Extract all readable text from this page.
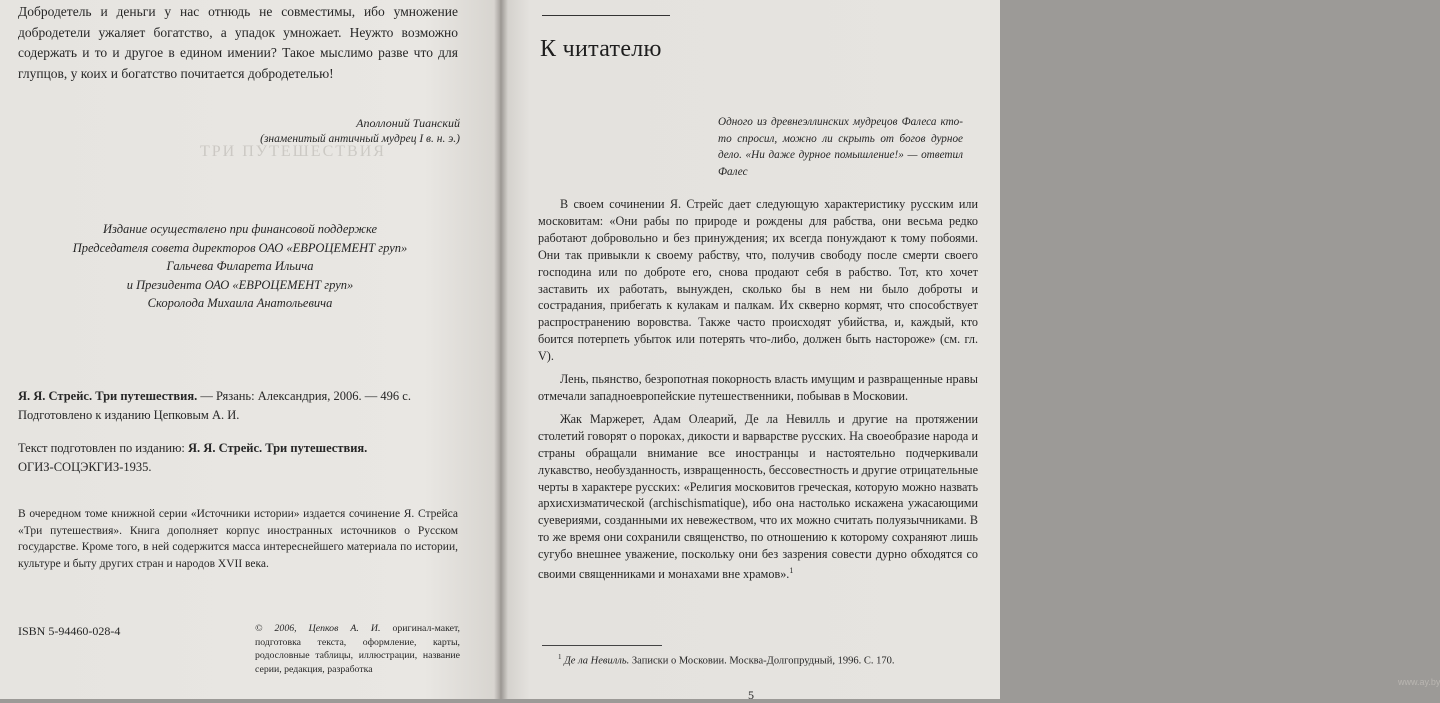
ТРИ ПУТЕШЕСТВИЯ
Добродетель и деньги у нас отнюдь не совместимы, ибо умножение добродетели ужаляет богатство, а упадок умножает. Неужто возможно содержать и то и другое в едином имении? Такое мыслимо разве что для глупцов, у коих и богатство почитается добродетелью!
Аполлоний Тианский
(знаменитый античный мудрец I в. н. э.)
Издание осуществлено при финансовой поддержке
Председателя совета директоров ОАО «ЕВРОЦЕМЕНТ груп»
Гальчева Филарета Ильича
и Президента ОАО «ЕВРОЦЕМЕНТ груп»
Скоролода Михаила Анатольевича
Я. Я. Стрейс. Три путешествия. — Рязань: Александрия, 2006. — 496 с.
Подготовлено к изданию Цепковым А. И.
Текст подготовлен по изданию: Я. Я. Стрейс. Три путешествия.
ОГИЗ-СОЦЭКГИЗ-1935.
В очередном томе книжной серии «Источники истории» издается сочинение Я. Стрейса «Три путешествия». Книга дополняет корпус иностранных источников о Русском государстве. Кроме того, в ней содержится масса интереснейшего материала по истории, культуре и быту других стран и народов XVII века.
ISBN 5-94460-028-4	© 2006, Цепков А. И. оригинал-макет, подготовка текста, оформление, карты, родословные таблицы, иллюстрации, название серии, редакция, разработка
К читателю
Одного из древнеэллинских мудрецов Фалеса кто-то спросил, можно ли скрыть от богов дурное дело. «Ни даже дурное помышление!» — ответил Фалес

В своем сочинении Я. Стрейс дает следующую характеристику русским или московитам: «Они рабы по природе и рождены для рабства, они весьма редко работают добровольно и без принуждения; их всегда понуждают к тому побоями. Они так привыкли к своему рабству, что, получив свободу после смерти своего господина или по доброте его, снова продают себя в рабство. Тот, кто хочет заставить их работать, вынужден, сколько бы в нем ни было доброты и сострадания, прибегать к кулакам и палкам. Их скверно кормят, что способствует распространению воровства. Также часто происходят убийства, и, каждый, кто боится потерпеть убыток или потерять что-либо, должен быть настороже» (см. гл. V).

Лень, пьянство, безропотная покорность власть имущим и развращенные нравы отмечали западноевропейские путешественники, побывав в Московии.

Жак Маржерет, Адам Олеарий, Де ла Невилль и другие на протяжении столетий говорят о пороках, дикости и варварстве русских. На своеобразие народа и страны обращали внимание все иностранцы и настоятельно подчеркивали лукавство, необузданность, извращенность, бессовестность и другие отрицательные черты в характере русских: «Религия московитов греческая, которую можно назвать архисхизматической (archischismatique), ибо она настолько искажена ужасающими суевериями, созданными их невежеством, что их можно считать полуязычниками. В то же время они сохранили священство, по отношению к которому сохраняют лишь сугубо внешнее уважение, поскольку они без зазрения совести дурно обходятся со своими священниками и монахами вне храмов».$^1$

$^1$ Де ла Невилль. Записки о Московии. Москва-Долгопрудный, 1996. С. 170.
5
www.ay.by
